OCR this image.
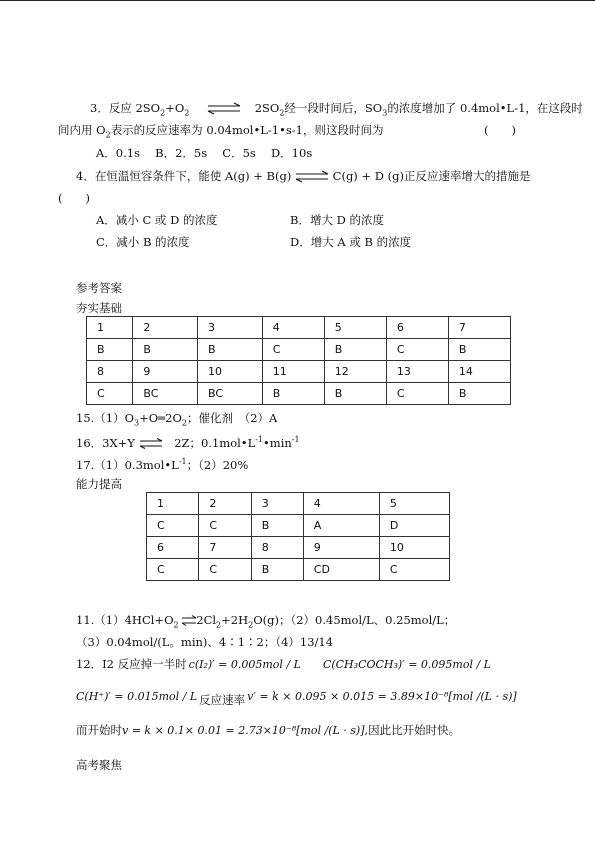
3．反应 $2SO_2+O_2$ ⇌ $2SO_2$经一段时间后，$SO_3$的浓度增加了 0.4mol•L-1，在这段时
间内用 $O_2$表示的反应速率为 0.04mol•L-1•s-1，则这段时间为	(　　)
A．0.1s　 B．2．5s　 C．5s　 D．10s
4．在恒温恒容条件下，能使 A(g) + B(g) ⇌ C(g) + D (g)正反应速率增大的措施是
(　　)
A．减小 C 或 D 的浓度	B．增大 D 的浓度
C．减小 B 的浓度	D．增大 A 或 B 的浓度
参考答案
夯实基础
1	2	3	4	5	6	7
B	B	B	C	B	C	B
8	9	10	11	12	13	14
C	BC	BC	B	B	C	B
$15.(1)O_3+O═2O_2$；催化剂　（2）A
16．3X+Y ⇌ 2Z；$0.1mol•L^{-1}•\min^{-1}$
$17.(1)0.3mol•L^{-1}$；（2）20%
能力提高
1	2	3	4	5
C	C	B	A	D
6	7	8	9	10
C	C	B	CD	C
$11.(1)4HCl+O_2$ $\rightleftharpoons 2Cl_2+2H_2O(g)$；（2）0.45mol/L、0.25mol/L；
（3）0.04mol/(L。min)、4∶1∶2；（4）13/14
12．I2 反应掉一半时 c(I₂)′ = 0.005mol / L C(CH₃COCH₃)′ = 0.095mol / L
C(H⁺)′ = 0.015mol / L 反应速率 v′ = k × 0.095 × 0.015 = 3.89×10⁻⁸[mol /(L · s)]
而开始时v = k × 0.1× 0.01 = 2.73×10⁻⁸[mol /(L · s)],因此比开始时快。
高考聚焦
